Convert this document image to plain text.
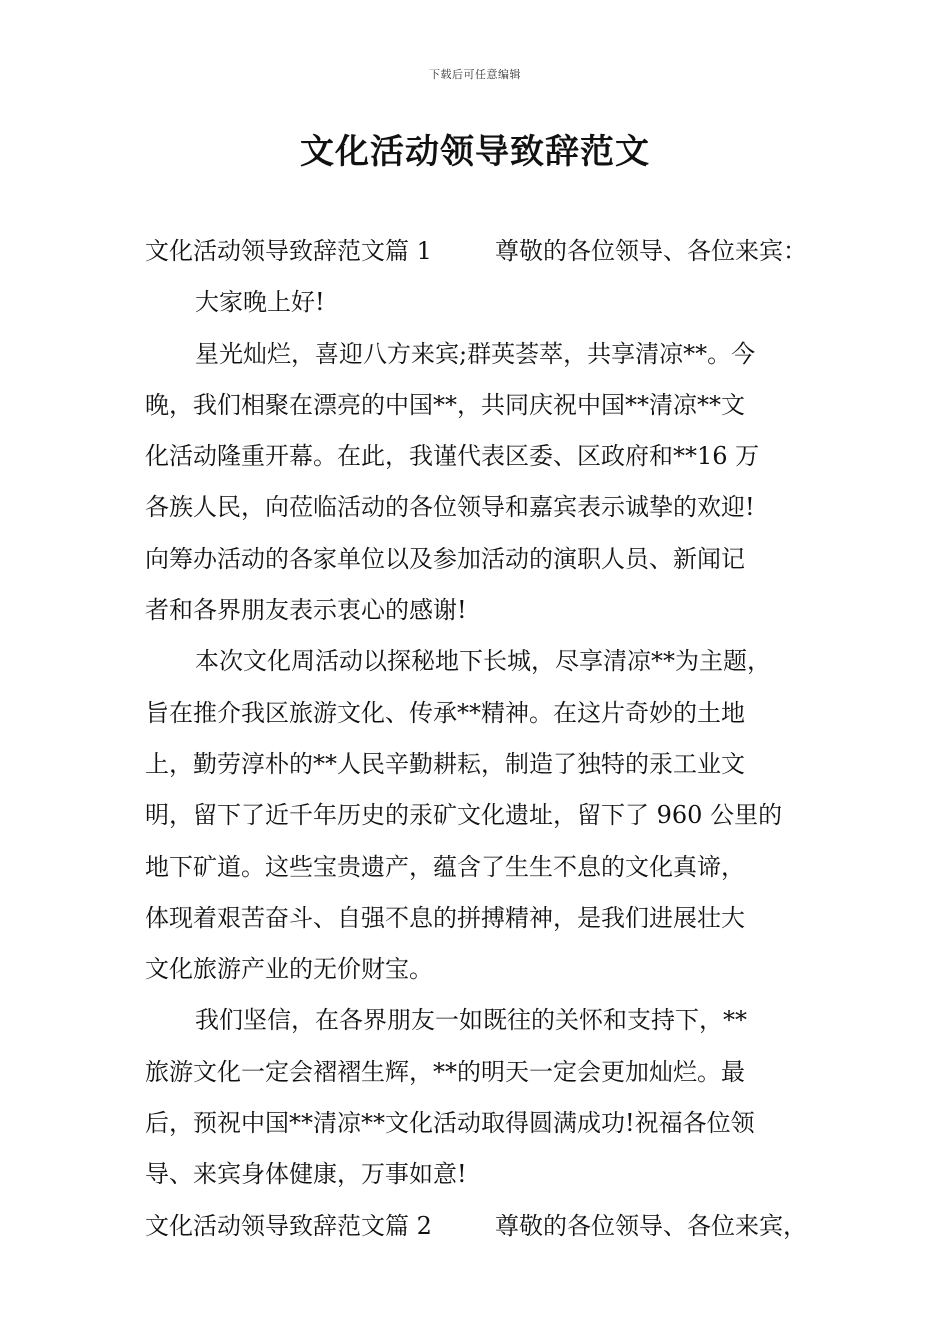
下载后可任意编辑
文化活动领导致辞范文
文化活动领导致辞范文篇 1	尊敬的各位领导、各位来宾：
大家晚上好!
星光灿烂，喜迎八方来宾;群英荟萃，共享清凉**。今
晚，我们相聚在漂亮的中国**，共同庆祝中国**清凉**文
化活动隆重开幕。在此，我谨代表区委、区政府和**16 万
各族人民，向莅临活动的各位领导和嘉宾表示诚挚的欢迎!
向筹办活动的各家单位以及参加活动的演职人员、新闻记
者和各界朋友表示衷心的感谢!
本次文化周活动以探秘地下长城，尽享清凉**为主题，
旨在推介我区旅游文化、传承**精神。在这片奇妙的土地
上，勤劳淳朴的**人民辛勤耕耘，制造了独特的汞工业文
明，留下了近千年历史的汞矿文化遗址，留下了 960 公里的
地下矿道。这些宝贵遗产，蕴含了生生不息的文化真谛，
体现着艰苦奋斗、自强不息的拼搏精神，是我们进展壮大
文化旅游产业的无价财宝。
我们坚信，在各界朋友一如既往的关怀和支持下，**
旅游文化一定会褶褶生辉，**的明天一定会更加灿烂。最
后，预祝中国**清凉**文化活动取得圆满成功!祝福各位领
导、来宾身体健康，万事如意!
文化活动领导致辞范文篇 2	尊敬的各位领导、各位来宾，
